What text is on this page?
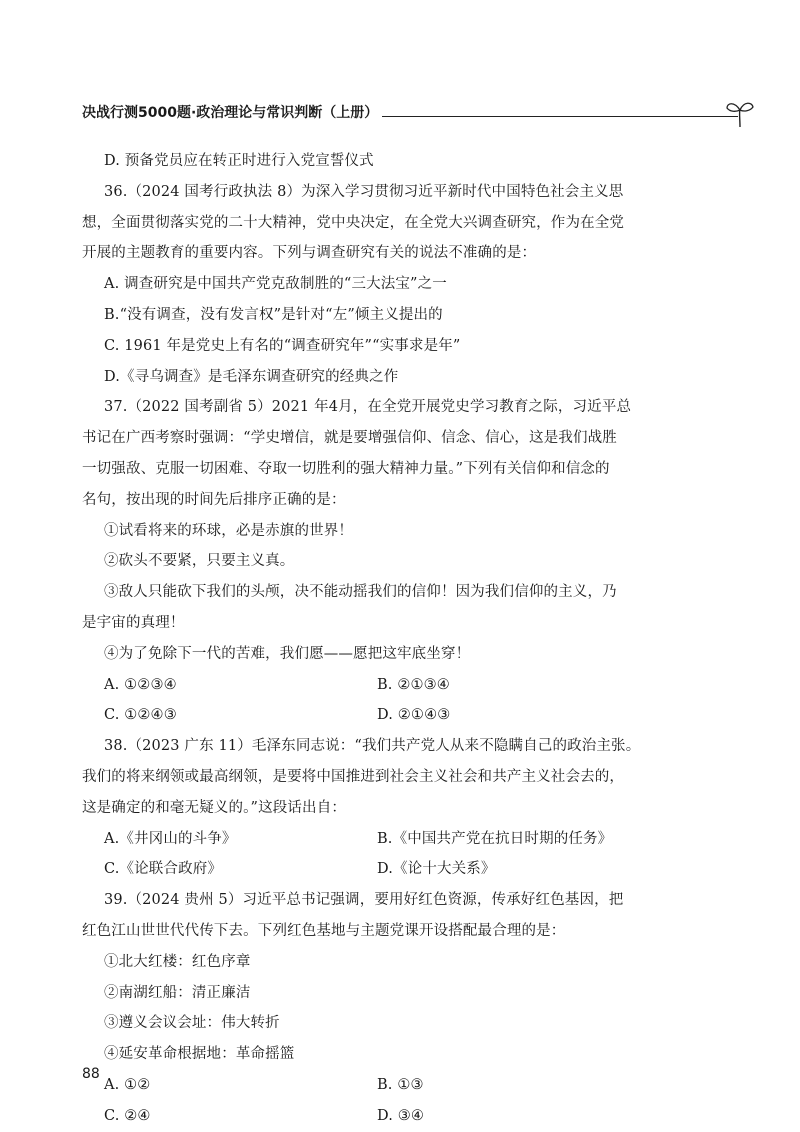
决战行测5000题·政治理论与常识判断（上册）
D. 预备党员应在转正时进行入党宣誓仪式
36.（2024 国考行政执法 8）为深入学习贯彻习近平新时代中国特色社会主义思
想，全面贯彻落实党的二十大精神，党中央决定，在全党大兴调查研究，作为在全党
开展的主题教育的重要内容。下列与调查研究有关的说法不准确的是：
A. 调查研究是中国共产党克敌制胜的“三大法宝”之一
B.“没有调查，没有发言权”是针对“左”倾主义提出的
C. 1961 年是党史上有名的“调查研究年”“实事求是年”
D.《寻乌调查》是毛泽东调查研究的经典之作
37.（2022 国考副省 5）2021 年4月，在全党开展党史学习教育之际，习近平总
书记在广西考察时强调：“学史增信，就是要增强信仰、信念、信心，这是我们战胜
一切强敌、克服一切困难、夺取一切胜利的强大精神力量。”下列有关信仰和信念的
名句，按出现的时间先后排序正确的是：
①试看将来的环球，必是赤旗的世界！
②砍头不要紧，只要主义真。
③敌人只能砍下我们的头颅，决不能动摇我们的信仰！因为我们信仰的主义，乃
是宇宙的真理！
④为了免除下一代的苦难，我们愿——愿把这牢底坐穿！
A. ①②③④	B. ②①③④
C. ①②④③	D. ②①④③
38.（2023 广东 11）毛泽东同志说：“我们共产党人从来不隐瞒自己的政治主张。
我们的将来纲领或最高纲领，是要将中国推进到社会主义社会和共产主义社会去的，
这是确定的和毫无疑义的。”这段话出自：
A.《井冈山的斗争》	B.《中国共产党在抗日时期的任务》
C.《论联合政府》	D.《论十大关系》
39.（2024 贵州 5）习近平总书记强调，要用好红色资源，传承好红色基因，把
红色江山世世代代传下去。下列红色基地与主题党课开设搭配最合理的是：
①北大红楼：红色序章
②南湖红船：清正廉洁
③遵义会议会址：伟大转折
④延安革命根据地：革命摇篮
A. ①②	B. ①③
C. ②④	D. ③④
88
